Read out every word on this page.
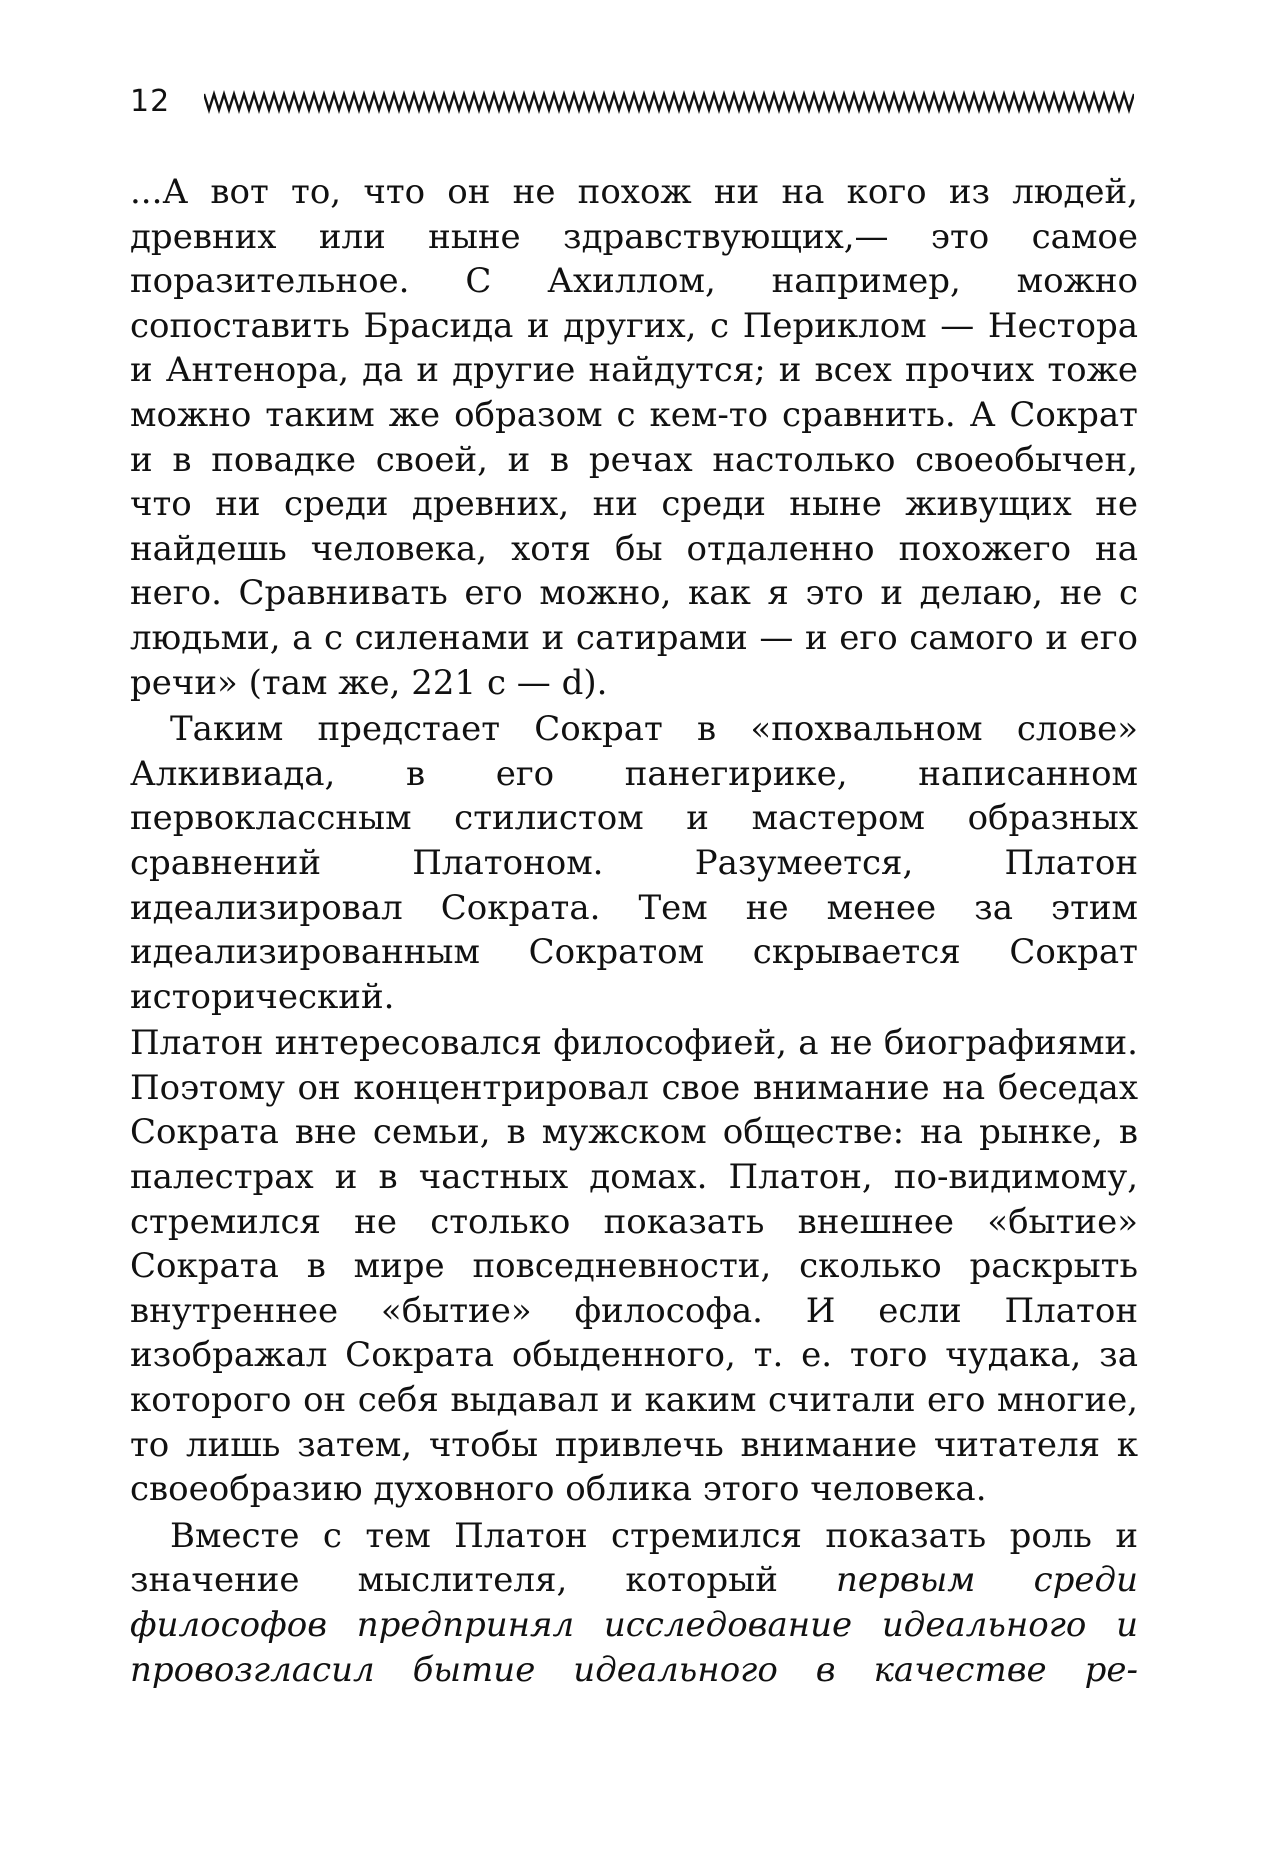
12

...А вот то, что он не похож ни на кого из людей, древних или ныне здравствующих,— это самое поразительное. С Ахиллом, например, можно сопоставить Брасида и других, с Периклом — Нестора и Антенора, да и другие найдутся; и всех прочих тоже можно таким же образом с кем-то сравнить. А Сократ и в повадке своей, и в речах настолько своеобычен, что ни среди древних, ни среди ныне живущих не найдешь человека, хотя бы отдаленно похожего на него. Сравнивать его можно, как я это и делаю, не с людьми, а с силенами и сатирами — и его самого и его речи» (там же, 221 с — d).

Таким предстает Сократ в «похвальном слове» Алкивиада, в его панегирике, написанном первоклассным стилистом и мастером образных сравнений Платоном. Разумеется, Платон идеализировал Сократа. Тем не менее за этим идеализированным Сократом скрывается Сократ исторический.

Платон интересовался философией, а не биографиями. Поэтому он концентрировал свое внимание на беседах Сократа вне семьи, в мужском обществе: на рынке, в палестрах и в частных домах. Платон, по-видимому, стремился не столько показать внешнее «бытие» Сократа в мире повседневности, сколько раскрыть внутреннее «бытие» философа. И если Платон изображал Сократа обыденного, т. е. того чудака, за которого он себя выдавал и каким считали его многие, то лишь затем, чтобы привлечь внимание читателя к своеобразию духовного облика этого человека.

Вместе с тем Платон стремился показать роль и значение мыслителя, который первым среди философов предпринял исследование идеального и провозгласил бытие идеального в качестве ре-
